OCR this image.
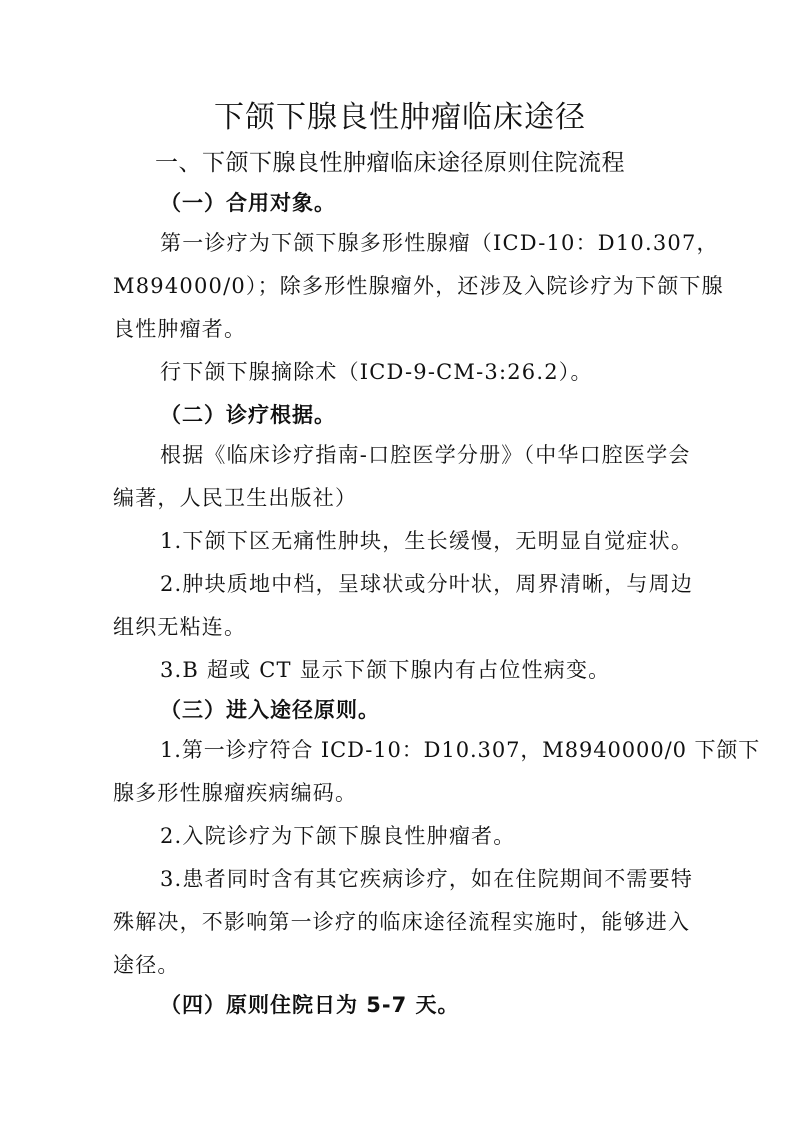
下颌下腺良性肿瘤临床途径
一、下颌下腺良性肿瘤临床途径原则住院流程
（一）合用对象。
第一诊疗为下颌下腺多形性腺瘤（ICD-10：D10.307，
M894000/0）；除多形性腺瘤外，还涉及入院诊疗为下颌下腺
良性肿瘤者。
行下颌下腺摘除术（ICD-9-CM-3:26.2）。
（二）诊疗根据。
根据《临床诊疗指南-口腔医学分册》（中华口腔医学会
编著，人民卫生出版社）
1.下颌下区无痛性肿块，生长缓慢，无明显自觉症状。
2.肿块质地中档，呈球状或分叶状，周界清晰，与周边
组织无粘连。
3.B 超或 CT 显示下颌下腺内有占位性病变。
（三）进入途径原则。
1.第一诊疗符合 ICD-10：D10.307，M8940000/0 下颌下
腺多形性腺瘤疾病编码。
2.入院诊疗为下颌下腺良性肿瘤者。
3.患者同时含有其它疾病诊疗，如在住院期间不需要特
殊解决，不影响第一诊疗的临床途径流程实施时，能够进入
途径。
（四）原则住院日为 5-7 天。
